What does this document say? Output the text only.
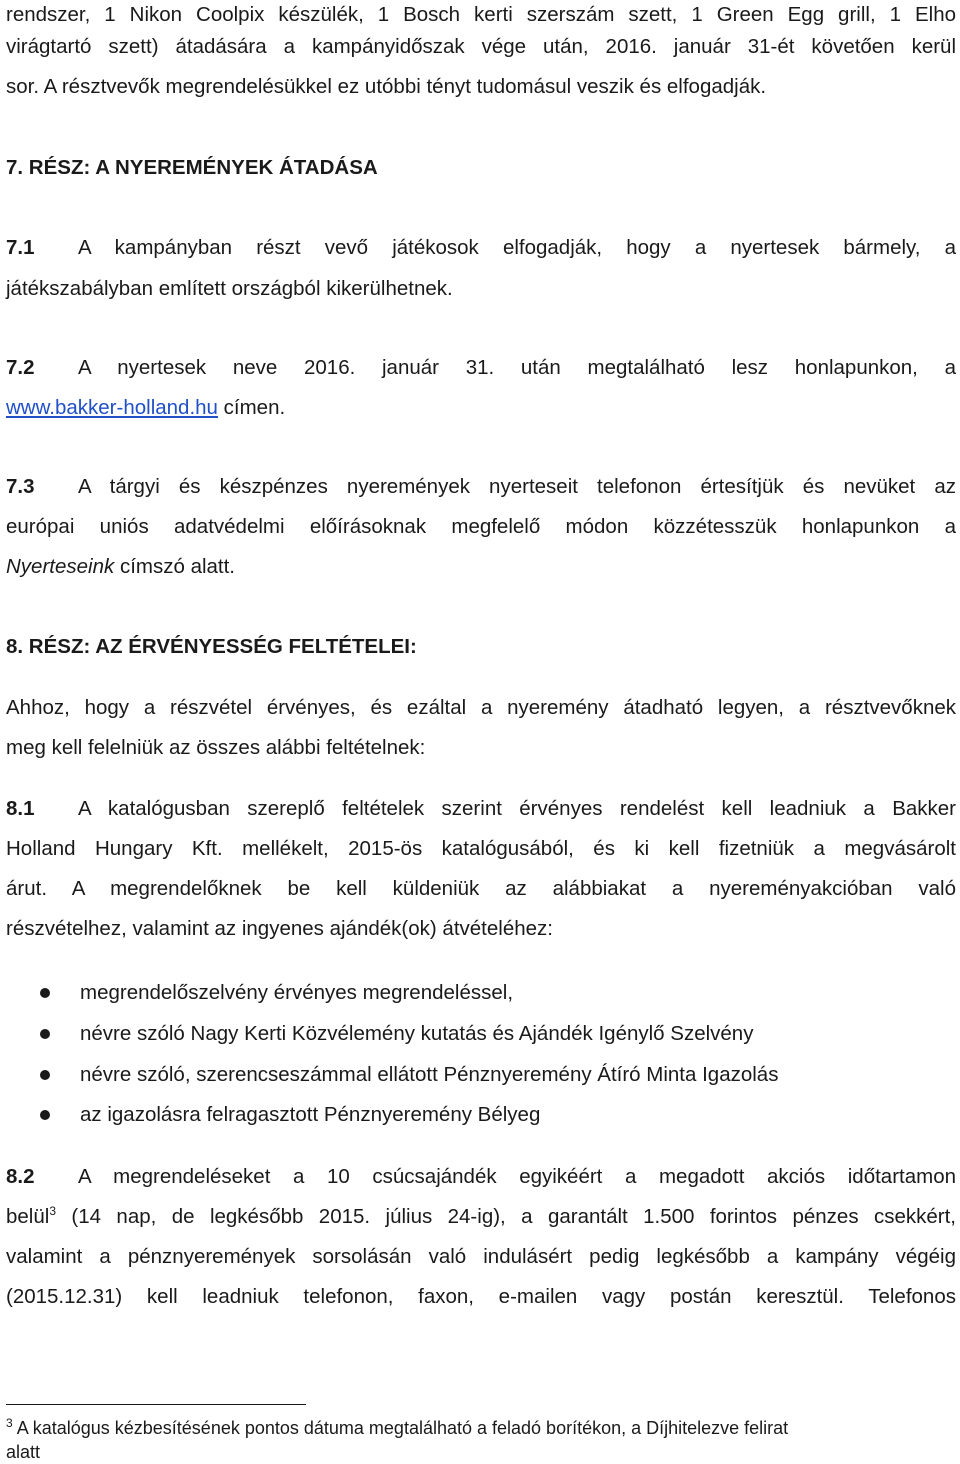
rendszer, 1 Nikon Coolpix készülék, 1 Bosch kerti szerszám szett, 1 Green Egg grill, 1 Elho
virágtartó szett) átadására a kampányidőszak vége után, 2016. január 31-ét követően kerül
sor. A résztvevők megrendelésükkel ez utóbbi tényt tudomásul veszik és elfogadják.
7. RÉSZ: A NYEREMÉNYEK ÁTADÁSA
7.1 A kampányban részt vevő játékosok elfogadják, hogy a nyertesek bármely, a
játékszabályban említett országból kikerülhetnek.
7.2 A nyertesek neve 2016. január 31. után megtalálható lesz honlapunkon, a
www.bakker-holland.hu címen.
7.3 A tárgyi és készpénzes nyeremények nyerteseit telefonon értesítjük és nevüket az
európai uniós adatvédelmi előírásoknak megfelelő módon közzétesszük honlapunkon a
Nyerteseink címszó alatt.
8. RÉSZ: AZ ÉRVÉNYESSÉG FELTÉTELEI:
Ahhoz, hogy a részvétel érvényes, és ezáltal a nyeremény átadható legyen, a résztvevőknek
meg kell felelniük az összes alábbi feltételnek:
8.1 A katalógusban szereplő feltételek szerint érvényes rendelést kell leadniuk a Bakker
Holland Hungary Kft. mellékelt, 2015-ös katalógusából, és ki kell fizetniük a megvásárolt
árut. A megrendelőknek be kell küldeniük az alábbiakat a nyereményakcióban való
részvételhez, valamint az ingyenes ajándék(ok) átvételéhez:
megrendelőszelvény érvényes megrendeléssel,
névre szóló Nagy Kerti Közvélemény kutatás és Ajándék Igénylő Szelvény
névre szóló, szerencseszámmal ellátott Pénznyeremény Átíró Minta Igazolás
az igazolásra felragasztott Pénznyeremény Bélyeg
8.2 A megrendeléseket a 10 csúcsajándék egyikéért a megadott akciós időtartamon
belül$^3$ (14 nap, de legkésőbb 2015. július 24-ig), a garantált 1.500 forintos pénzes csekkért,
valamint a pénznyeremények sorsolásán való indulásért pedig legkésőbb a kampány végéig
(2015.12.31) kell leadniuk telefonon, faxon, e-mailen vagy postán keresztül. Telefonos
$^3$ A katalógus kézbesítésének pontos dátuma megtalálható a feladó borítékon, a Díjhitelezve felirat
alatt
